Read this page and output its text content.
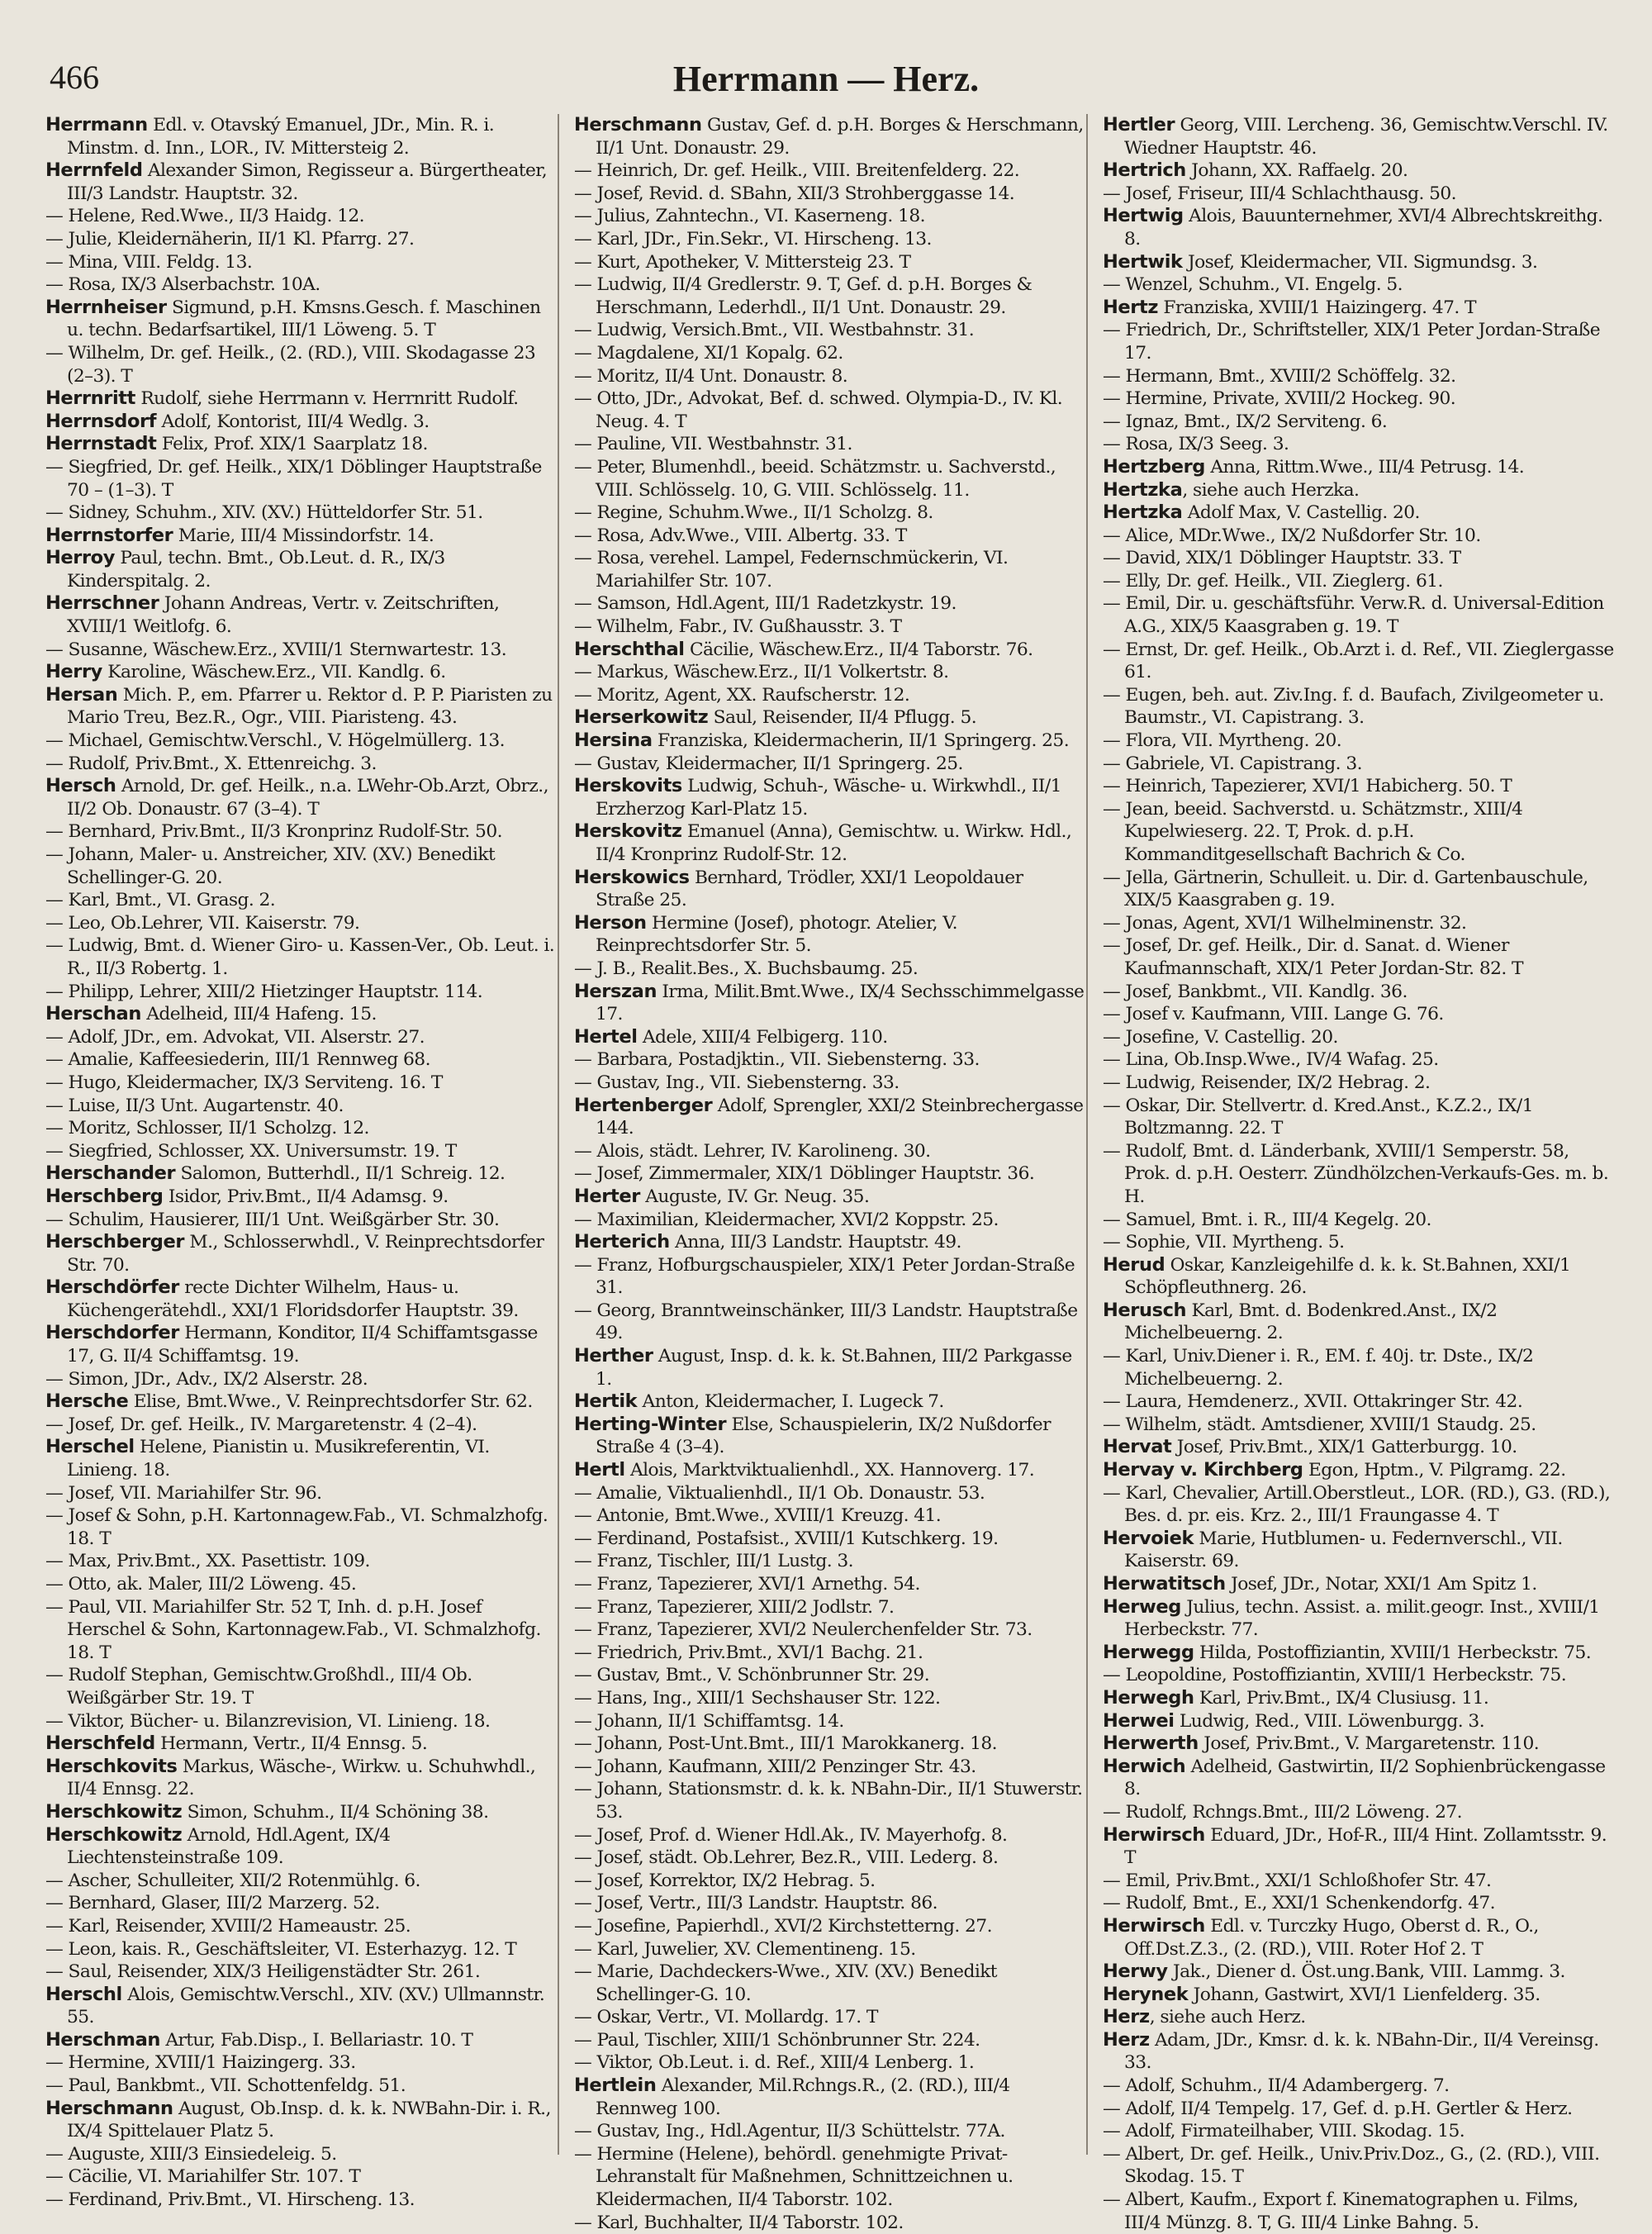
466	Herrmann — Herz.
Herrmann Edl. v. Otavský Emanuel, JDr., Min. R. i. Minstm. d. Inn., LOR., IV. Mittersteig 2.
Herrnfeld Alexander Simon, Regisseur a. Bürgertheater, III/3 Landstr. Hauptstr. 32.
— Helene, Red.Wwe., II/3 Haidg. 12.
— Julie, Kleidernäherin, II/1 Kl. Pfarrg. 27.
— Mina, VIII. Feldg. 13.
— Rosa, IX/3 Alserbachstr. 10A.
Herrnheiser Sigmund, p.H. Kmsns.Gesch. f. Maschinen u. techn. Bedarfsartikel, III/1 Löweng. 5. T
— Wilhelm, Dr. gef. Heilk., (2. (RD.), VIII. Skodagasse 23 (2–3). T
Herrnritt Rudolf, siehe Herrmann v. Herrnritt Rudolf.
Herrnsdorf Adolf, Kontorist, III/4 Wedlg. 3.
Herrnstadt Felix, Prof. XIX/1 Saarplatz 18.
— Siegfried, Dr. gef. Heilk., XIX/1 Döblinger Hauptstraße 70 – (1–3). T
— Sidney, Schuhm., XIV. (XV.) Hütteldorfer Str. 51.
Herrnstorfer Marie, III/4 Missindorfstr. 14.
Herroy Paul, techn. Bmt., Ob.Leut. d. R., IX/3 Kinderspitalg. 2.
Herrschner Johann Andreas, Vertr. v. Zeitschriften, XVIII/1 Weitlofg. 6.
— Susanne, Wäschew.Erz., XVIII/1 Sternwartestr. 13.
Herry Karoline, Wäschew.Erz., VII. Kandlg. 6.
Hersan Mich. P., em. Pfarrer u. Rektor d. P. P. Piaristen zu Mario Treu, Bez.R., Ogr., VIII. Piaristeng. 43.
— Michael, Gemischtw.Verschl., V. Högelmüllerg. 13.
— Rudolf, Priv.Bmt., X. Ettenreichg. 3.
Hersch Arnold, Dr. gef. Heilk., n.a. LWehr-Ob.Arzt, Obrz., II/2 Ob. Donaustr. 67 (3–4). T
— Bernhard, Priv.Bmt., II/3 Kronprinz Rudolf-Str. 50.
— Johann, Maler- u. Anstreicher, XIV. (XV.) Benedikt Schellinger-G. 20.
— Karl, Bmt., VI. Grasg. 2.
— Leo, Ob.Lehrer, VII. Kaiserstr. 79.
— Ludwig, Bmt. d. Wiener Giro- u. Kassen-Ver., Ob. Leut. i. R., II/3 Robertg. 1.
— Philipp, Lehrer, XIII/2 Hietzinger Hauptstr. 114.
Herschan Adelheid, III/4 Hafeng. 15.
— Adolf, JDr., em. Advokat, VII. Alserstr. 27.
— Amalie, Kaffeesiederin, III/1 Rennweg 68.
— Hugo, Kleidermacher, IX/3 Serviteng. 16. T
— Luise, II/3 Unt. Augartenstr. 40.
— Moritz, Schlosser, II/1 Scholzg. 12.
— Siegfried, Schlosser, XX. Universumstr. 19. T
Herschander Salomon, Butterhdl., II/1 Schreig. 12.
Herschberg Isidor, Priv.Bmt., II/4 Adamsg. 9.
— Schulim, Hausierer, III/1 Unt. Weißgärber Str. 30.
Herschberger M., Schlosserwhdl., V. Reinprechtsdorfer Str. 70.
Herschdörfer recte Dichter Wilhelm, Haus- u. Küchengerätehdl., XXI/1 Floridsdorfer Hauptstr. 39.
Herschdorfer Hermann, Konditor, II/4 Schiffamtsgasse 17, G. II/4 Schiffamtsg. 19.
— Simon, JDr., Adv., IX/2 Alserstr. 28.
Hersche Elise, Bmt.Wwe., V. Reinprechtsdorfer Str. 62.
— Josef, Dr. gef. Heilk., IV. Margaretenstr. 4 (2–4).
Herschel Helene, Pianistin u. Musikreferentin, VI. Linieng. 18.
— Josef, VII. Mariahilfer Str. 96.
— Josef & Sohn, p.H. Kartonnagew.Fab., VI. Schmalzhofg. 18. T
— Max, Priv.Bmt., XX. Pasettistr. 109.
— Otto, ak. Maler, III/2 Löweng. 45.
— Paul, VII. Mariahilfer Str. 52 T, Inh. d. p.H. Josef Herschel & Sohn, Kartonnagew.Fab., VI. Schmalzhofg. 18. T
— Rudolf Stephan, Gemischtw.Großhdl., III/4 Ob. Weißgärber Str. 19. T
— Viktor, Bücher- u. Bilanzrevision, VI. Linieng. 18.
Herschfeld Hermann, Vertr., II/4 Ennsg. 5.
Herschkovits Markus, Wäsche-, Wirkw. u. Schuhwhdl., II/4 Ennsg. 22.
Herschkowitz Simon, Schuhm., II/4 Schöning 38.
Herschkowitz Arnold, Hdl.Agent, IX/4 Liechtensteinstraße 109.
— Ascher, Schulleiter, XII/2 Rotenmühlg. 6.
— Bernhard, Glaser, III/2 Marzerg. 52.
— Karl, Reisender, XVIII/2 Hameaustr. 25.
— Leon, kais. R., Geschäftsleiter, VI. Esterhazyg. 12. T
— Saul, Reisender, XIX/3 Heiligenstädter Str. 261.
Herschl Alois, Gemischtw.Verschl., XIV. (XV.) Ullmannstr. 55.
Herschman Artur, Fab.Disp., I. Bellariastr. 10. T
— Hermine, XVIII/1 Haizingerg. 33.
— Paul, Bankbmt., VII. Schottenfeldg. 51.
Herschmann August, Ob.Insp. d. k. k. NWBahn-Dir. i. R., IX/4 Spittelauer Platz 5.
— Auguste, XIII/3 Einsiedeleig. 5.
— Cäcilie, VI. Mariahilfer Str. 107. T
— Ferdinand, Priv.Bmt., VI. Hirscheng. 13.
Herschmann Gustav, Gef. d. p.H. Borges & Herschmann, II/1 Unt. Donaustr. 29.
— Heinrich, Dr. gef. Heilk., VIII. Breitenfelderg. 22.
— Josef, Revid. d. SBahn, XII/3 Strohberggasse 14.
— Julius, Zahntechn., VI. Kaserneng. 18.
— Karl, JDr., Fin.Sekr., VI. Hirscheng. 13.
— Kurt, Apotheker, V. Mittersteig 23. T
— Ludwig, II/4 Gredlerstr. 9. T, Gef. d. p.H. Borges & Herschmann, Lederhdl., II/1 Unt. Donaustr. 29.
— Ludwig, Versich.Bmt., VII. Westbahnstr. 31.
— Magdalene, XI/1 Kopalg. 62.
— Moritz, II/4 Unt. Donaustr. 8.
— Otto, JDr., Advokat, Bef. d. schwed. Olympia-D., IV. Kl. Neug. 4. T
— Pauline, VII. Westbahnstr. 31.
— Peter, Blumenhdl., beeid. Schätzmstr. u. Sachverstd., VIII. Schlösselg. 10, G. VIII. Schlösselg. 11.
— Regine, Schuhm.Wwe., II/1 Scholzg. 8.
— Rosa, Adv.Wwe., VIII. Albertg. 33. T
— Rosa, verehel. Lampel, Federnschmückerin, VI. Mariahilfer Str. 107.
— Samson, Hdl.Agent, III/1 Radetzkystr. 19.
— Wilhelm, Fabr., IV. Gußhausstr. 3. T
Herschthal Cäcilie, Wäschew.Erz., II/4 Taborstr. 76.
— Markus, Wäschew.Erz., II/1 Volkertstr. 8.
— Moritz, Agent, XX. Raufscherstr. 12.
Herserkowitz Saul, Reisender, II/4 Pflugg. 5.
Hersina Franziska, Kleidermacherin, II/1 Springerg. 25.
— Gustav, Kleidermacher, II/1 Springerg. 25.
Herskovits Ludwig, Schuh-, Wäsche- u. Wirkwhdl., II/1 Erzherzog Karl-Platz 15.
Herskovitz Emanuel (Anna), Gemischtw. u. Wirkw. Hdl., II/4 Kronprinz Rudolf-Str. 12.
Herskowics Bernhard, Trödler, XXI/1 Leopoldauer Straße 25.
Herson Hermine (Josef), photogr. Atelier, V. Reinprechtsdorfer Str. 5.
— J. B., Realit.Bes., X. Buchsbaumg. 25.
Herszan Irma, Milit.Bmt.Wwe., IX/4 Sechsschimmelgasse 17.
Hertel Adele, XIII/4 Felbigerg. 110.
— Barbara, Postadjktin., VII. Siebensterng. 33.
— Gustav, Ing., VII. Siebensterng. 33.
Hertenberger Adolf, Sprengler, XXI/2 Steinbrechergasse 144.
— Alois, städt. Lehrer, IV. Karolineng. 30.
— Josef, Zimmermaler, XIX/1 Döblinger Hauptstr. 36.
Herter Auguste, IV. Gr. Neug. 35.
— Maximilian, Kleidermacher, XVI/2 Koppstr. 25.
Herterich Anna, III/3 Landstr. Hauptstr. 49.
— Franz, Hofburgschauspieler, XIX/1 Peter Jordan-Straße 31.
— Georg, Branntweinschänker, III/3 Landstr. Hauptstraße 49.
Herther August, Insp. d. k. k. St.Bahnen, III/2 Parkgasse 1.
Hertik Anton, Kleidermacher, I. Lugeck 7.
Herting-Winter Else, Schauspielerin, IX/2 Nußdorfer Straße 4 (3–4).
Hertl Alois, Marktviktualienhdl., XX. Hannoverg. 17.
— Amalie, Viktualienhdl., II/1 Ob. Donaustr. 53.
— Antonie, Bmt.Wwe., XVIII/1 Kreuzg. 41.
— Ferdinand, Postafsist., XVIII/1 Kutschkerg. 19.
— Franz, Tischler, III/1 Lustg. 3.
— Franz, Tapezierer, XVI/1 Arnethg. 54.
— Franz, Tapezierer, XIII/2 Jodlstr. 7.
— Franz, Tapezierer, XVI/2 Neulerchenfelder Str. 73.
— Friedrich, Priv.Bmt., XVI/1 Bachg. 21.
— Gustav, Bmt., V. Schönbrunner Str. 29.
— Hans, Ing., XIII/1 Sechshauser Str. 122.
— Johann, II/1 Schiffamtsg. 14.
— Johann, Post-Unt.Bmt., III/1 Marokkanerg. 18.
— Johann, Kaufmann, XIII/2 Penzinger Str. 43.
— Johann, Stationsmstr. d. k. k. NBahn-Dir., II/1 Stuwerstr. 53.
— Josef, Prof. d. Wiener Hdl.Ak., IV. Mayerhofg. 8.
— Josef, städt. Ob.Lehrer, Bez.R., VIII. Lederg. 8.
— Josef, Korrektor, IX/2 Hebrag. 5.
— Josef, Vertr., III/3 Landstr. Hauptstr. 86.
— Josefine, Papierhdl., XVI/2 Kirchstetterng. 27.
— Karl, Juwelier, XV. Clementineng. 15.
— Marie, Dachdeckers-Wwe., XIV. (XV.) Benedikt Schellinger-G. 10.
— Oskar, Vertr., VI. Mollardg. 17. T
— Paul, Tischler, XIII/1 Schönbrunner Str. 224.
— Viktor, Ob.Leut. i. d. Ref., XIII/4 Lenberg. 1.
Hertlein Alexander, Mil.Rchngs.R., (2. (RD.), III/4 Rennweg 100.
— Gustav, Ing., Hdl.Agentur, II/3 Schüttelstr. 77A.
— Hermine (Helene), behördl. genehmigte Privat-Lehranstalt für Maßnehmen, Schnittzeichnen u. Kleidermachen, II/4 Taborstr. 102.
— Karl, Buchhalter, II/4 Taborstr. 102.
Hertler Georg, VIII. Lercheng. 36, Gemischtw.Verschl. IV. Wiedner Hauptstr. 46.
Hertrich Johann, XX. Raffaelg. 20.
— Josef, Friseur, III/4 Schlachthausg. 50.
Hertwig Alois, Bauunternehmer, XVI/4 Albrechtskreithg. 8.
Hertwik Josef, Kleidermacher, VII. Sigmundsg. 3.
— Wenzel, Schuhm., VI. Engelg. 5.
Hertz Franziska, XVIII/1 Haizingerg. 47. T
— Friedrich, Dr., Schriftsteller, XIX/1 Peter Jordan-Straße 17.
— Hermann, Bmt., XVIII/2 Schöffelg. 32.
— Hermine, Private, XVIII/2 Hockeg. 90.
— Ignaz, Bmt., IX/2 Serviteng. 6.
— Rosa, IX/3 Seeg. 3.
Hertzberg Anna, Rittm.Wwe., III/4 Petrusg. 14.
Hertzka, siehe auch Herzka.
Hertzka Adolf Max, V. Castellig. 20.
— Alice, MDr.Wwe., IX/2 Nußdorfer Str. 10.
— David, XIX/1 Döblinger Hauptstr. 33. T
— Elly, Dr. gef. Heilk., VII. Zieglerg. 61.
— Emil, Dir. u. geschäftsführ. Verw.R. d. Universal-Edition A.G., XIX/5 Kaasgraben g. 19. T
— Ernst, Dr. gef. Heilk., Ob.Arzt i. d. Ref., VII. Zieglergasse 61.
— Eugen, beh. aut. Ziv.Ing. f. d. Baufach, Zivilgeometer u. Baumstr., VI. Capistrang. 3.
— Flora, VII. Myrtheng. 20.
— Gabriele, VI. Capistrang. 3.
— Heinrich, Tapezierer, XVI/1 Habicherg. 50. T
— Jean, beeid. Sachverstd. u. Schätzmstr., XIII/4 Kupelwieserg. 22. T, Prok. d. p.H. Kommanditgesellschaft Bachrich & Co.
— Jella, Gärtnerin, Schulleit. u. Dir. d. Gartenbauschule, XIX/5 Kaasgraben g. 19.
— Jonas, Agent, XVI/1 Wilhelminenstr. 32.
— Josef, Dr. gef. Heilk., Dir. d. Sanat. d. Wiener Kaufmannschaft, XIX/1 Peter Jordan-Str. 82. T
— Josef, Bankbmt., VII. Kandlg. 36.
— Josef v. Kaufmann, VIII. Lange G. 76.
— Josefine, V. Castellig. 20.
— Lina, Ob.Insp.Wwe., IV/4 Wafag. 25.
— Ludwig, Reisender, IX/2 Hebrag. 2.
— Oskar, Dir. Stellvertr. d. Kred.Anst., K.Z.2., IX/1 Boltzmanng. 22. T
— Rudolf, Bmt. d. Länderbank, XVIII/1 Semperstr. 58, Prok. d. p.H. Oesterr. Zündhölzchen-Verkaufs-Ges. m. b. H.
— Samuel, Bmt. i. R., III/4 Kegelg. 20.
— Sophie, VII. Myrtheng. 5.
Herud Oskar, Kanzleigehilfe d. k. k. St.Bahnen, XXI/1 Schöpfleuthnerg. 26.
Herusch Karl, Bmt. d. Bodenkred.Anst., IX/2 Michelbeuerng. 2.
— Karl, Univ.Diener i. R., EM. f. 40j. tr. Dste., IX/2 Michelbeuerng. 2.
— Laura, Hemdenerz., XVII. Ottakringer Str. 42.
— Wilhelm, städt. Amtsdiener, XVIII/1 Staudg. 25.
Hervat Josef, Priv.Bmt., XIX/1 Gatterburgg. 10.
Hervay v. Kirchberg Egon, Hptm., V. Pilgramg. 22.
— Karl, Chevalier, Artill.Oberstleut., LOR. (RD.), G3. (RD.), Bes. d. pr. eis. Krz. 2., III/1 Fraungasse 4. T
Hervoiek Marie, Hutblumen- u. Federnverschl., VII. Kaiserstr. 69.
Herwatitsch Josef, JDr., Notar, XXI/1 Am Spitz 1.
Herweg Julius, techn. Assist. a. milit.geogr. Inst., XVIII/1 Herbeckstr. 77.
Herwegg Hilda, Postoffiziantin, XVIII/1 Herbeckstr. 75.
— Leopoldine, Postoffiziantin, XVIII/1 Herbeckstr. 75.
Herwegh Karl, Priv.Bmt., IX/4 Clusiusg. 11.
Herwei Ludwig, Red., VIII. Löwenburgg. 3.
Herwerth Josef, Priv.Bmt., V. Margaretenstr. 110.
Herwich Adelheid, Gastwirtin, II/2 Sophienbrückengasse 8.
— Rudolf, Rchngs.Bmt., III/2 Löweng. 27.
Herwirsch Eduard, JDr., Hof-R., III/4 Hint. Zollamtsstr. 9. T
— Emil, Priv.Bmt., XXI/1 Schloßhofer Str. 47.
— Rudolf, Bmt., E., XXI/1 Schenkendorfg. 47.
Herwirsch Edl. v. Turczky Hugo, Oberst d. R., O., Off.Dst.Z.3., (2. (RD.), VIII. Roter Hof 2. T
Herwy Jak., Diener d. Öst.ung.Bank, VIII. Lammg. 3.
Herynek Johann, Gastwirt, XVI/1 Lienfelderg. 35.
Herz, siehe auch Herz.
Herz Adam, JDr., Kmsr. d. k. k. NBahn-Dir., II/4 Vereinsg. 33.
— Adolf, Schuhm., II/4 Adambergerg. 7.
— Adolf, II/4 Tempelg. 17, Gef. d. p.H. Gertler & Herz.
— Adolf, Firmateilhaber, VIII. Skodag. 15.
— Albert, Dr. gef. Heilk., Univ.Priv.Doz., G., (2. (RD.), VIII. Skodag. 15. T
— Albert, Kaufm., Export f. Kinematographen u. Films, III/4 Münzg. 8. T, G. III/4 Linke Bahng. 5.
